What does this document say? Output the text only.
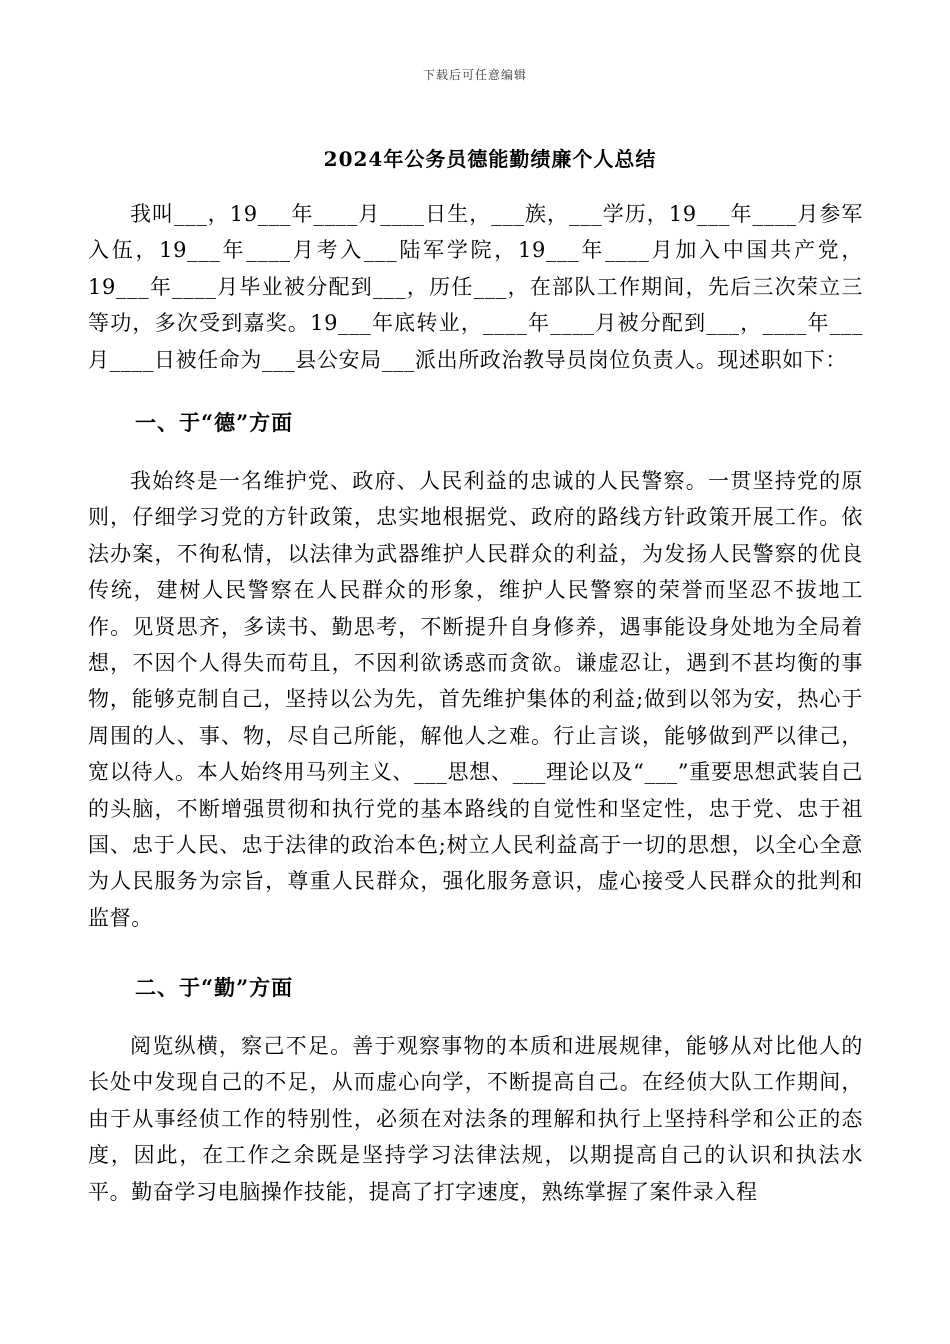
下载后可任意编辑
2024年公务员德能勤绩廉个人总结

我叫___，19___年____月____日生，___族，___学历，19___年____月参军入伍，19___年____月考入___陆军学院，19___年____月加入中国共产党，19___年____月毕业被分配到___，历任___，在部队工作期间，先后三次荣立三等功，多次受到嘉奖。19___年底转业，____年____月被分配到___，____年___月____日被任命为___县公安局___派出所政治教导员岗位负责人。现述职如下：

一、于“德”方面

我始终是一名维护党、政府、人民利益的忠诚的人民警察。一贯坚持党的原则，仔细学习党的方针政策，忠实地根据党、政府的路线方针政策开展工作。依法办案，不徇私情，以法律为武器维护人民群众的利益，为发扬人民警察的优良传统，建树人民警察在人民群众的形象，维护人民警察的荣誉而坚忍不拔地工作。见贤思齐，多读书、勤思考，不断提升自身修养，遇事能设身处地为全局着想，不因个人得失而苟且，不因利欲诱惑而贪欲。谦虚忍让，遇到不甚均衡的事物，能够克制自己，坚持以公为先，首先维护集体的利益;做到以邻为安，热心于周围的人、事、物，尽自己所能，解他人之难。行止言谈，能够做到严以律己，宽以待人。本人始终用马列主义、___思想、___理论以及“___”重要思想武装自己的头脑，不断增强贯彻和执行党的基本路线的自觉性和坚定性，忠于党、忠于祖国、忠于人民、忠于法律的政治本色;树立人民利益高于一切的思想，以全心全意为人民服务为宗旨，尊重人民群众，强化服务意识，虚心接受人民群众的批判和监督。

二、于“勤”方面

阅览纵横，察己不足。善于观察事物的本质和进展规律，能够从对比他人的长处中发现自己的不足，从而虚心向学，不断提高自己。在经侦大队工作期间，由于从事经侦工作的特别性，必须在对法条的理解和执行上坚持科学和公正的态度，因此，在工作之余既是坚持学习法律法规，以期提高自己的认识和执法水平。勤奋学习电脑操作技能，提高了打字速度，熟练掌握了案件录入程
